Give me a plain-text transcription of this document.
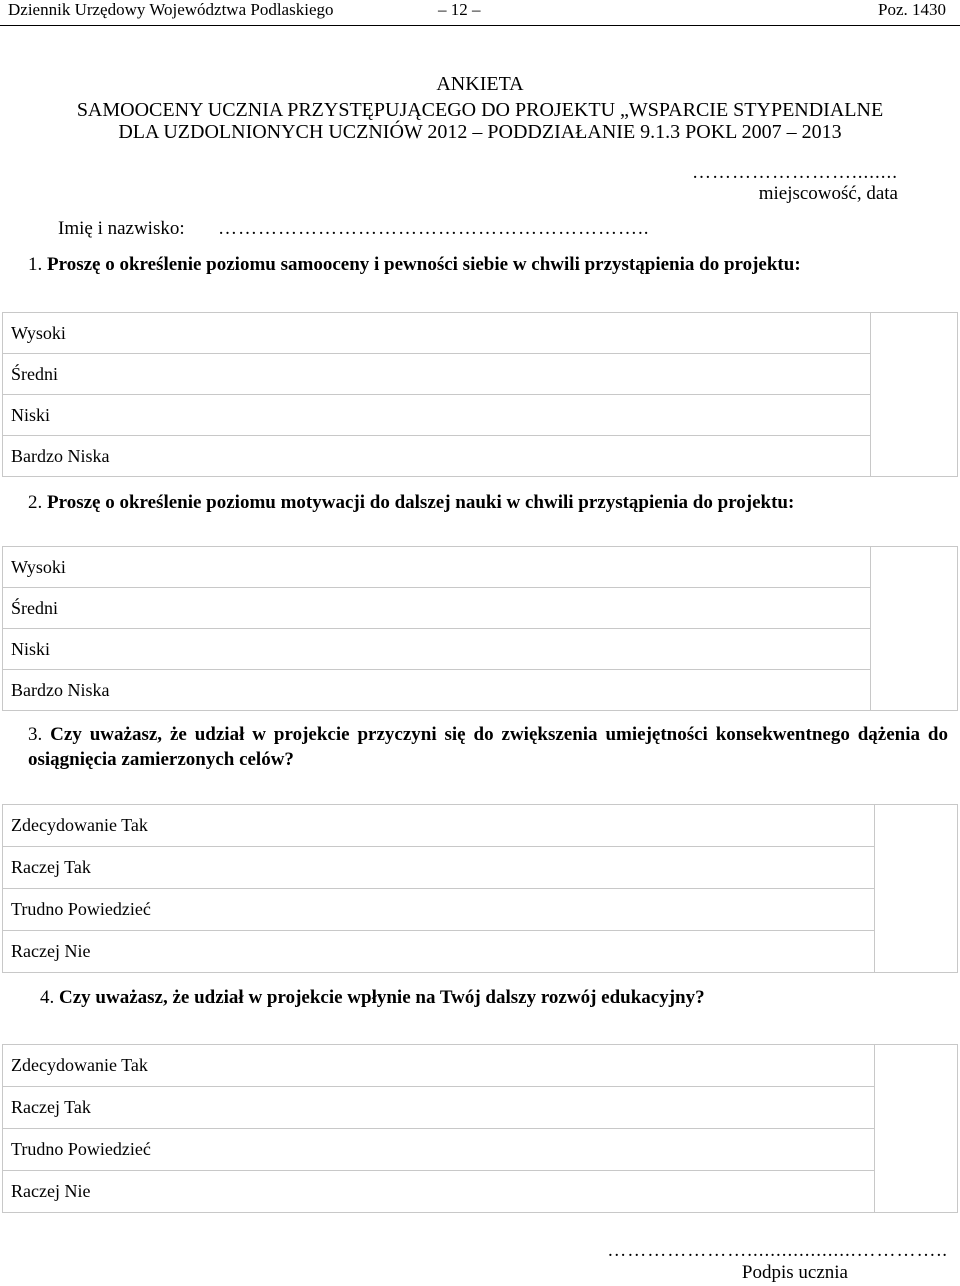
Dziennik Urzędowy Województwa Podlaskiego	– 12 –	Poz. 1430
ANKIETA
SAMOOCENY UCZNIA PRZYSTĘPUJĄCEGO DO PROJEKTU „WSPARCIE STYPENDIALNE
DLA UZDOLNIONYCH UCZNIÓW 2012 – PODDZIAŁANIE 9.1.3 POKL 2007 – 2013
……………………........
miejscowość, data
Imię i nazwisko: ………………………………………………………..
1. Proszę o określenie poziomu samooceny i pewności siebie w chwili przystąpienia do projektu:
Wysoki	
Średni
Niski
Bardzo Niska
2. Proszę o określenie poziomu motywacji do dalszej nauki w chwili przystąpienia do projektu:
Wysoki	
Średni
Niski
Bardzo Niska
3. Czy uważasz, że udział w projekcie przyczyni się do zwiększenia umiejętności konsekwentnego dążenia do osiągnięcia zamierzonych celów?
Zdecydowanie Tak	
Raczej Tak
Trudno Powiedzieć
Raczej Nie
4. Czy uważasz, że udział w projekcie wpłynie na Twój dalszy rozwój edukacyjny?
Zdecydowanie Tak	
Raczej Tak
Trudno Powiedzieć
Raczej Nie
…………………...................…………..
Podpis ucznia
